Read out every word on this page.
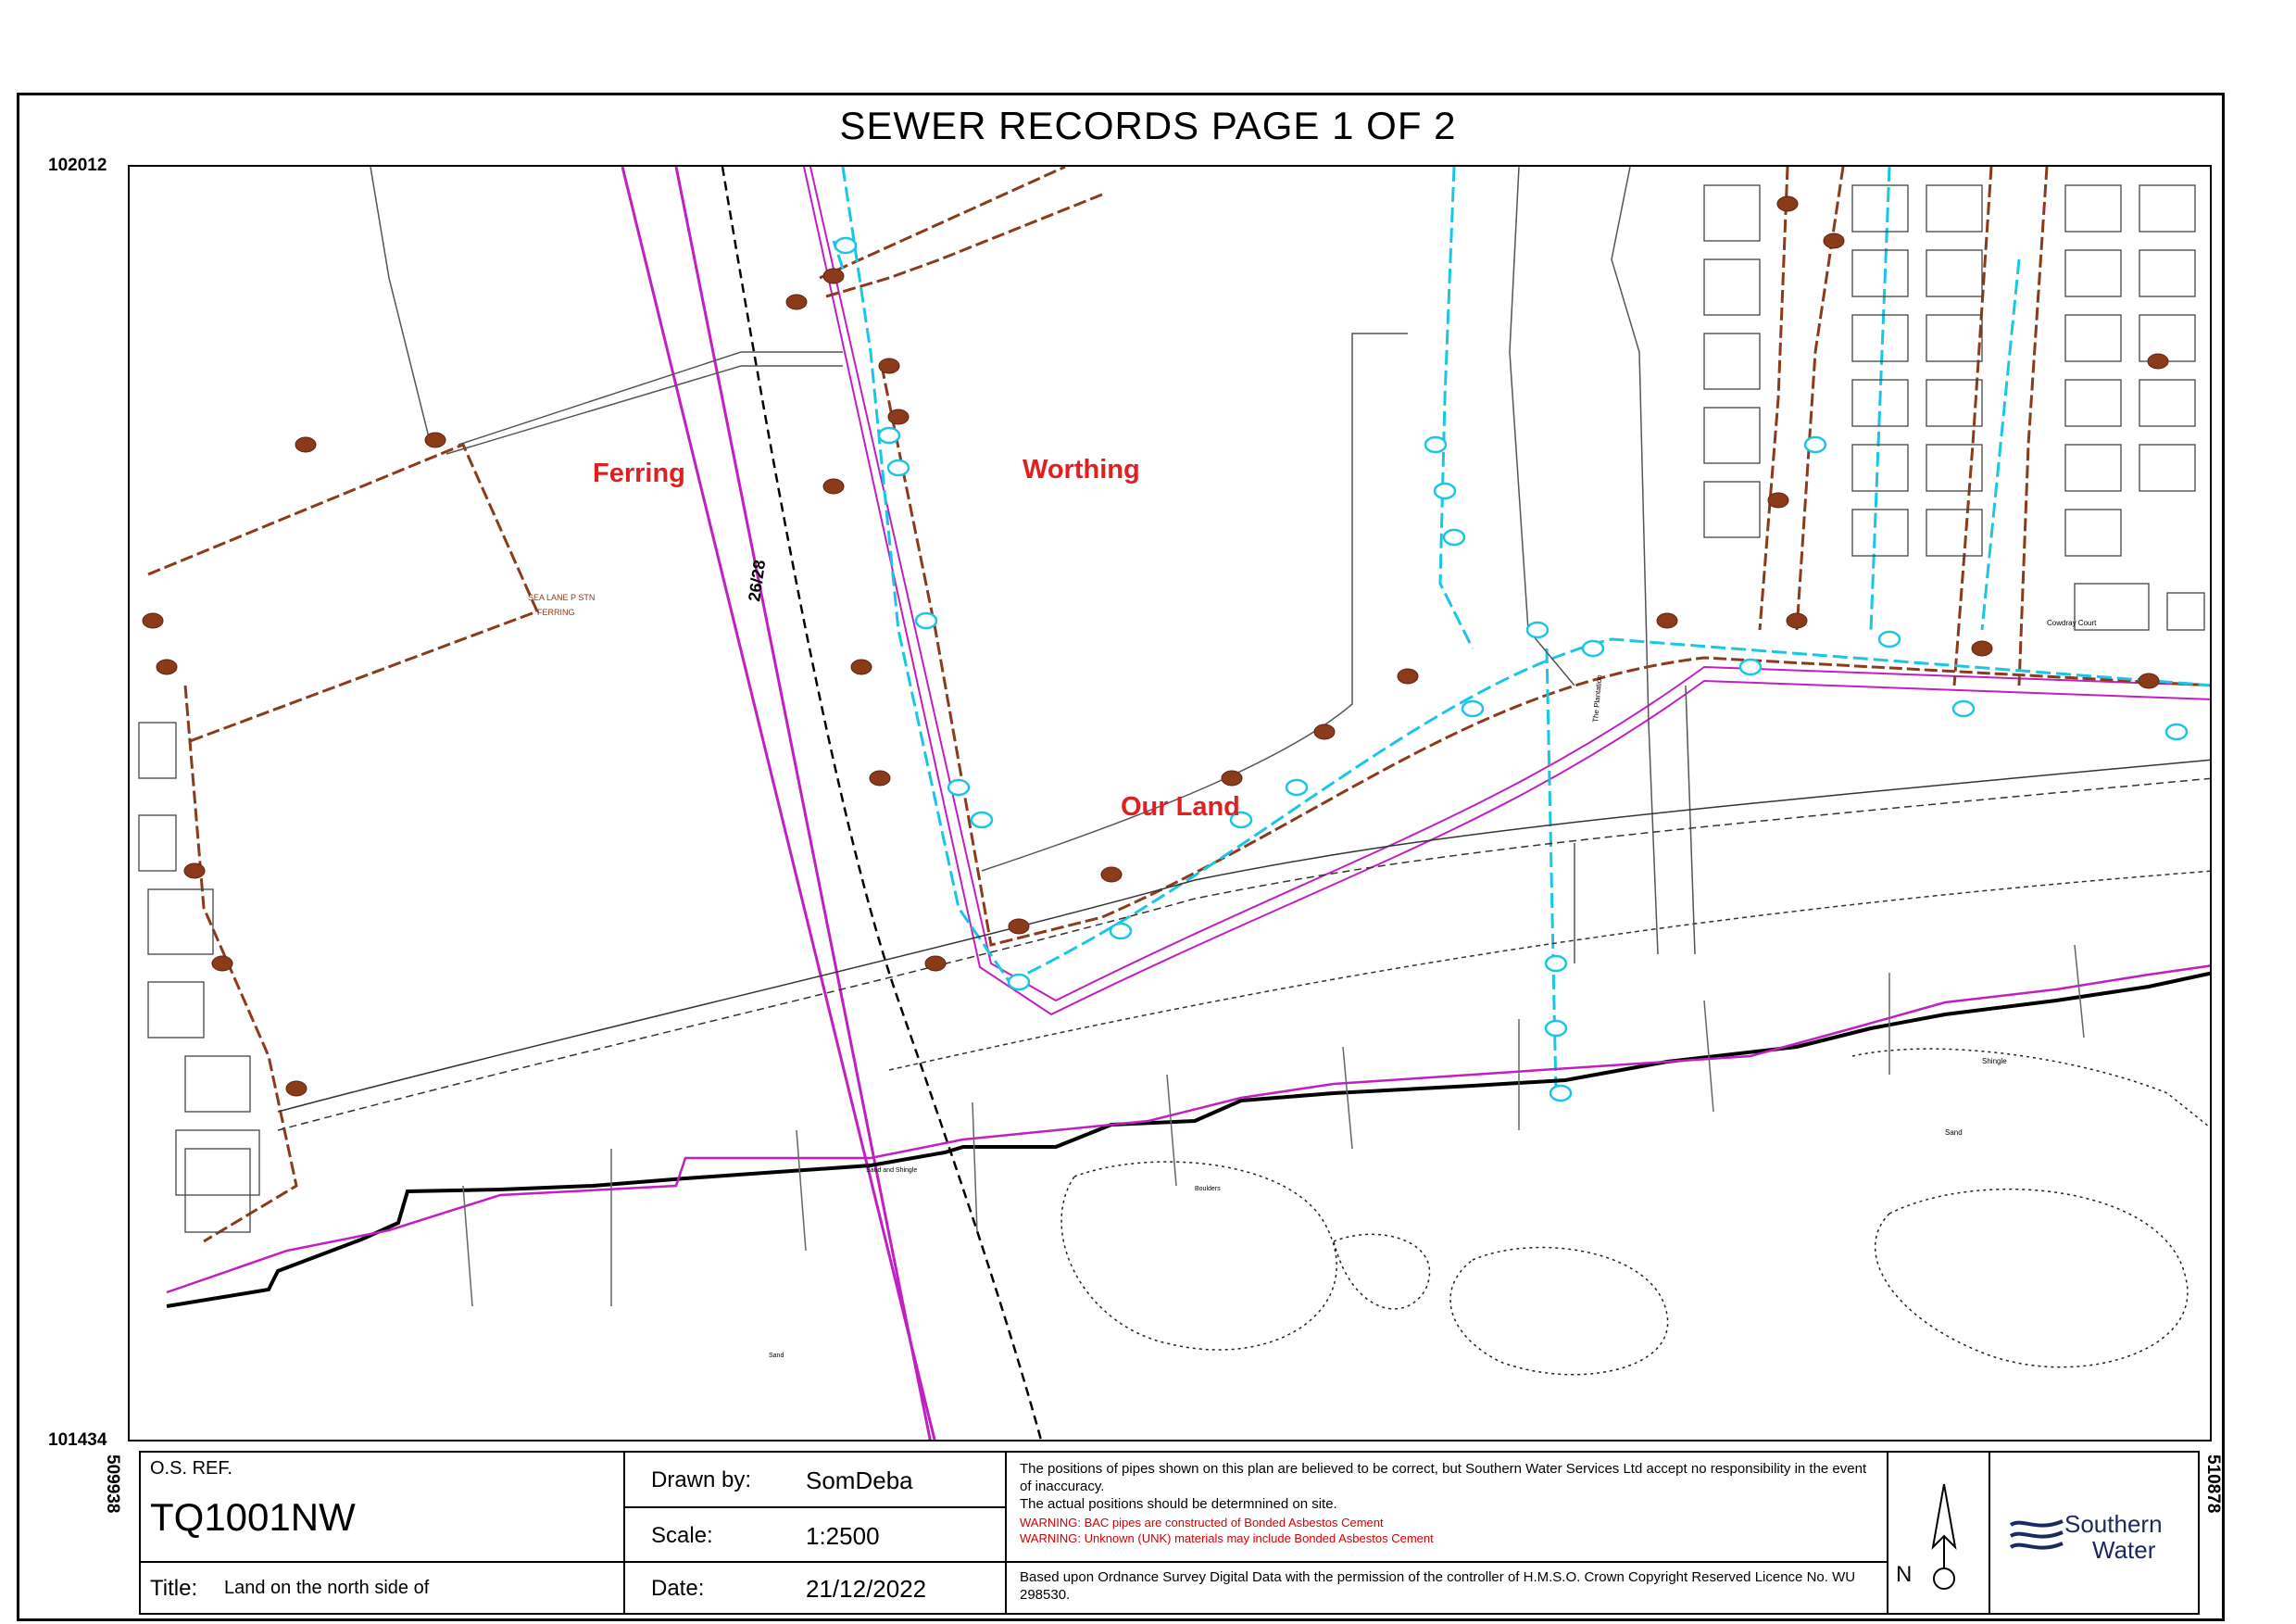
SEWER RECORDS PAGE 1 OF 2
102012
101434
509938	510878
26/28
SEA LANE P STN
FERRING
The Plantation
Cowdray Court
Shingle
Sand
Sand and Shingle
Boulders
Sand
Ferring	Worthing
Our Land
O.S. REF.
TQ1001NW
Title: Land on the north side of
Drawn by: SomDeba
Scale:	1:2500
Date:	21/12/2022
The positions of pipes shown on this plan are believed to be correct, but Southern Water Services Ltd accept no responsibility in the event of inaccuracy.
The actual positions should be determnined on site.
WARNING: BAC pipes are constructed of Bonded Asbestos Cement
WARNING: Unknown (UNK) materials may include Bonded Asbestos Cement
Based upon Ordnance Survey Digital Data with the permission of the controller of H.M.S.O. Crown Copyright Reserved Licence No. WU 298530.
N
Southern
Water
